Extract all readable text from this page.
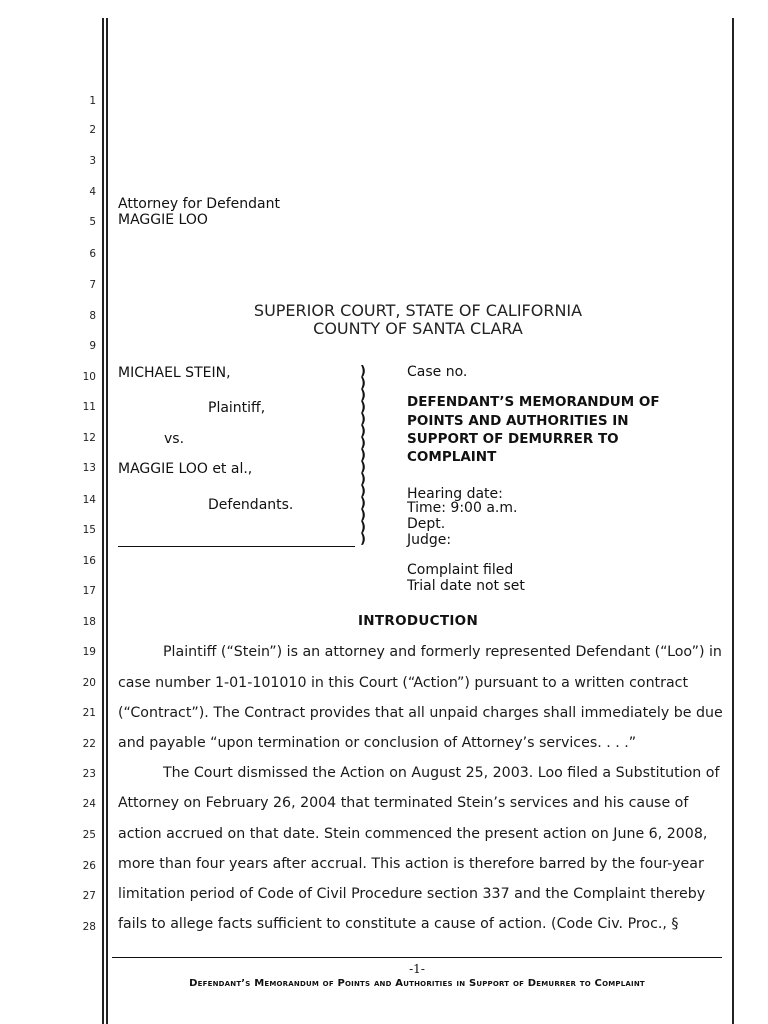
1
2
3
4
5
6
7
8
9
10
11
12
13
14
15
16
17
18
19
20
21
22
23
24
25
26
27
28
Attorney for Defendant
MAGGIE LOO
SUPERIOR COURT, STATE OF CALIFORNIA
COUNTY OF SANTA CLARA
MICHAEL STEIN,
Plaintiff,
vs.
MAGGIE LOO et al.,
Defendants.
)
)
)
)
)
)
)
)
)
)
)
)
)
)
)
Case no.
DEFENDANT’S MEMORANDUM OF
POINTS AND AUTHORITIES IN
SUPPORT OF DEMURRER TO
COMPLAINT
Hearing date:
Time: 9:00 a.m.
Dept.
Judge:
Complaint filed
Trial date not set
INTRODUCTION
Plaintiff (“Stein”) is an attorney and formerly represented Defendant (“Loo”) in
case number 1-01-101010 in this Court (“Action”) pursuant to a written contract
(“Contract”). The Contract provides that all unpaid charges shall immediately be due
and payable “upon termination or conclusion of Attorney’s services. . . .”
The Court dismissed the Action on August 25, 2003. Loo filed a Substitution of
Attorney on February 26, 2004 that terminated Stein’s services and his cause of
action accrued on that date. Stein commenced the present action on June 6, 2008,
more than four years after accrual. This action is therefore barred by the four-year
limitation period of Code of Civil Procedure section 337 and the Complaint thereby
fails to allege facts sufficient to constitute a cause of action. (Code Civ. Proc., §
-1-
Defendant’s Memorandum of Points and Authorities in Support of Demurrer to Complaint
